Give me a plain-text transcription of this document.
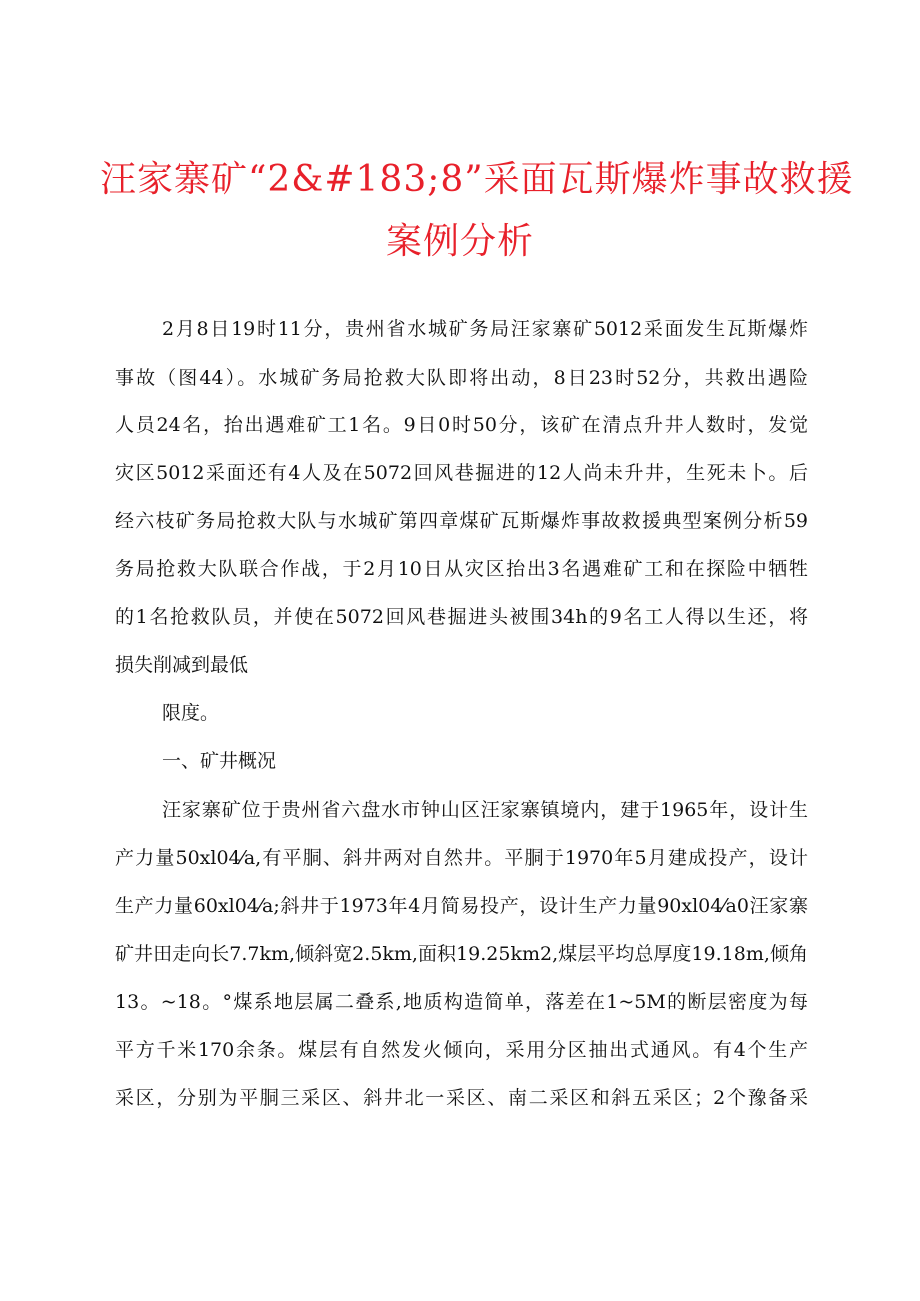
汪家寨矿“2&#183;8”采面瓦斯爆炸事故救援
案例分析
2月8日19时11分，贵州省水城矿务局汪家寨矿5012采面发生瓦斯爆炸
事故（图44）。水城矿务局抢救大队即将出动，8日23时52分，共救出遇险
人员24名，抬出遇难矿工1名。9日0时50分，该矿在清点升井人数时，发觉
灾区5012采面还有4人及在5072回风巷掘进的12人尚未升井，生死未卜。后
经六枝矿务局抢救大队与水城矿第四章煤矿瓦斯爆炸事故救援典型案例分析59
务局抢救大队联合作战，于2月10日从灾区抬出3名遇难矿工和在探险中牺牲
的1名抢救队员，并使在5072回风巷掘进头被围34h的9名工人得以生还，将
损失削减到最低
限度。
一、矿井概况
汪家寨矿位于贵州省六盘水市钟山区汪家寨镇境内，建于1965年，设计生
产力量50xl04⁄a,有平胴、斜井两对自然井。平胴于1970年5月建成投产，设计
生产力量60xl04⁄a;斜井于1973年4月简易投产，设计生产力量90xl04⁄a0汪家寨
矿井田走向长7.7km,倾斜宽2.5km,面积19.25km2,煤层平均总厚度19.18m,倾角
13。~18。°煤系地层属二叠系,地质构造简单，落差在1~5M的断层密度为每
平方千米170余条。煤层有自然发火倾向，采用分区抽出式通风。有4个生产
采区，分别为平胴三采区、斜井北一采区、南二采区和斜五采区；2个豫备采
